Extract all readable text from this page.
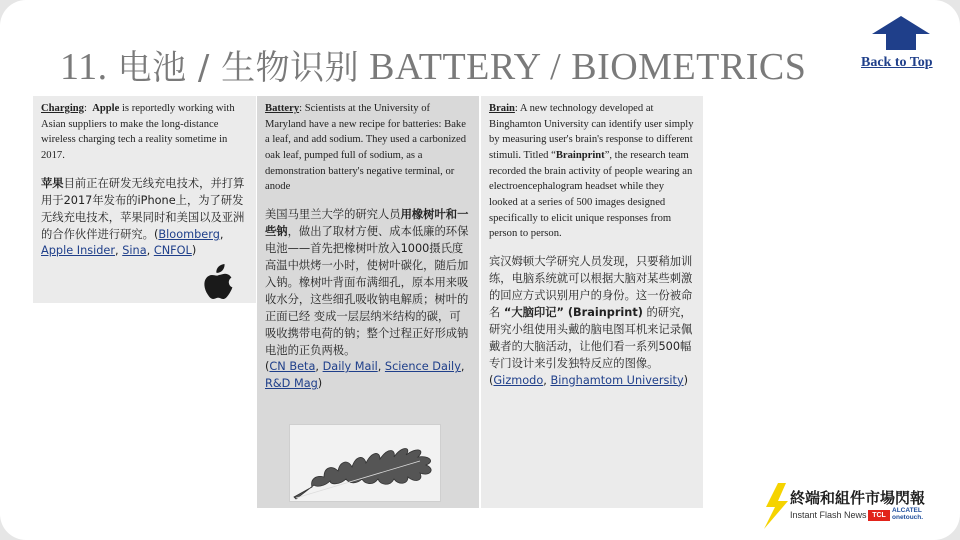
11. 电池 / 生物识别 BATTERY / BIOMETRICS	Back to Top

Charging:  Apple is reportedly working with Asian suppliers to make the long-distance wireless charging tech a reality sometime in 2017.

苹果目前正在研发无线充电技术，并打算用于2017年发布的iPhone上，为了研发无线充电技术，苹果同时和美国以及亚洲的合作伙伴进行研究。(Bloomberg, Apple Insider, Sina, CNFOL)

Battery: Scientists at the University of Maryland have a new recipe for batteries: Bake a leaf, and add sodium. They used a carbonized oak leaf, pumped full of sodium, as a demonstration battery's negative terminal, or anode

美国马里兰大学的研究人员用橡树叶和一些钠，做出了取材方便、成本低廉的环保电池——首先把橡树叶放入1000摄氏度高温中烘烤一小时，使树叶碳化，随后加入钠。橡树叶背面布满细孔，原本用来吸收水分，这些细孔吸收钠电解质；树叶的正面已经 变成一层层纳米结构的碳，可吸收携带电荷的钠；整个过程正好形成钠电池的正负两极。
(CN Beta, Daily Mail, Science Daily, R&D Mag)

Brain: A new technology developed at Binghamton University can identify user simply by measuring user's brain's response to different stimuli. Titled “Brainprint”, the research team recorded the brain activity of people wearing an electroencephalogram headset while they looked at a series of 500 images designed specifically to elicit unique responses from person to person.

宾汉姆顿大学研究人员发现，只要稍加训练，电脑系统就可以根据大脑对某些刺激的回应方式识别用户的身份。这一份被命名 “大脑印记” (Brainprint) 的研究，研究小组使用头戴的脑电图耳机来记录佩戴者的大脑活动，让他们看一系列500幅专门设计来引发独特反应的图像。
(Gizmodo, Binghamtom University)

終端和組件市場閃報
Instant Flash News TCL
ALCATEL
onetouch.
